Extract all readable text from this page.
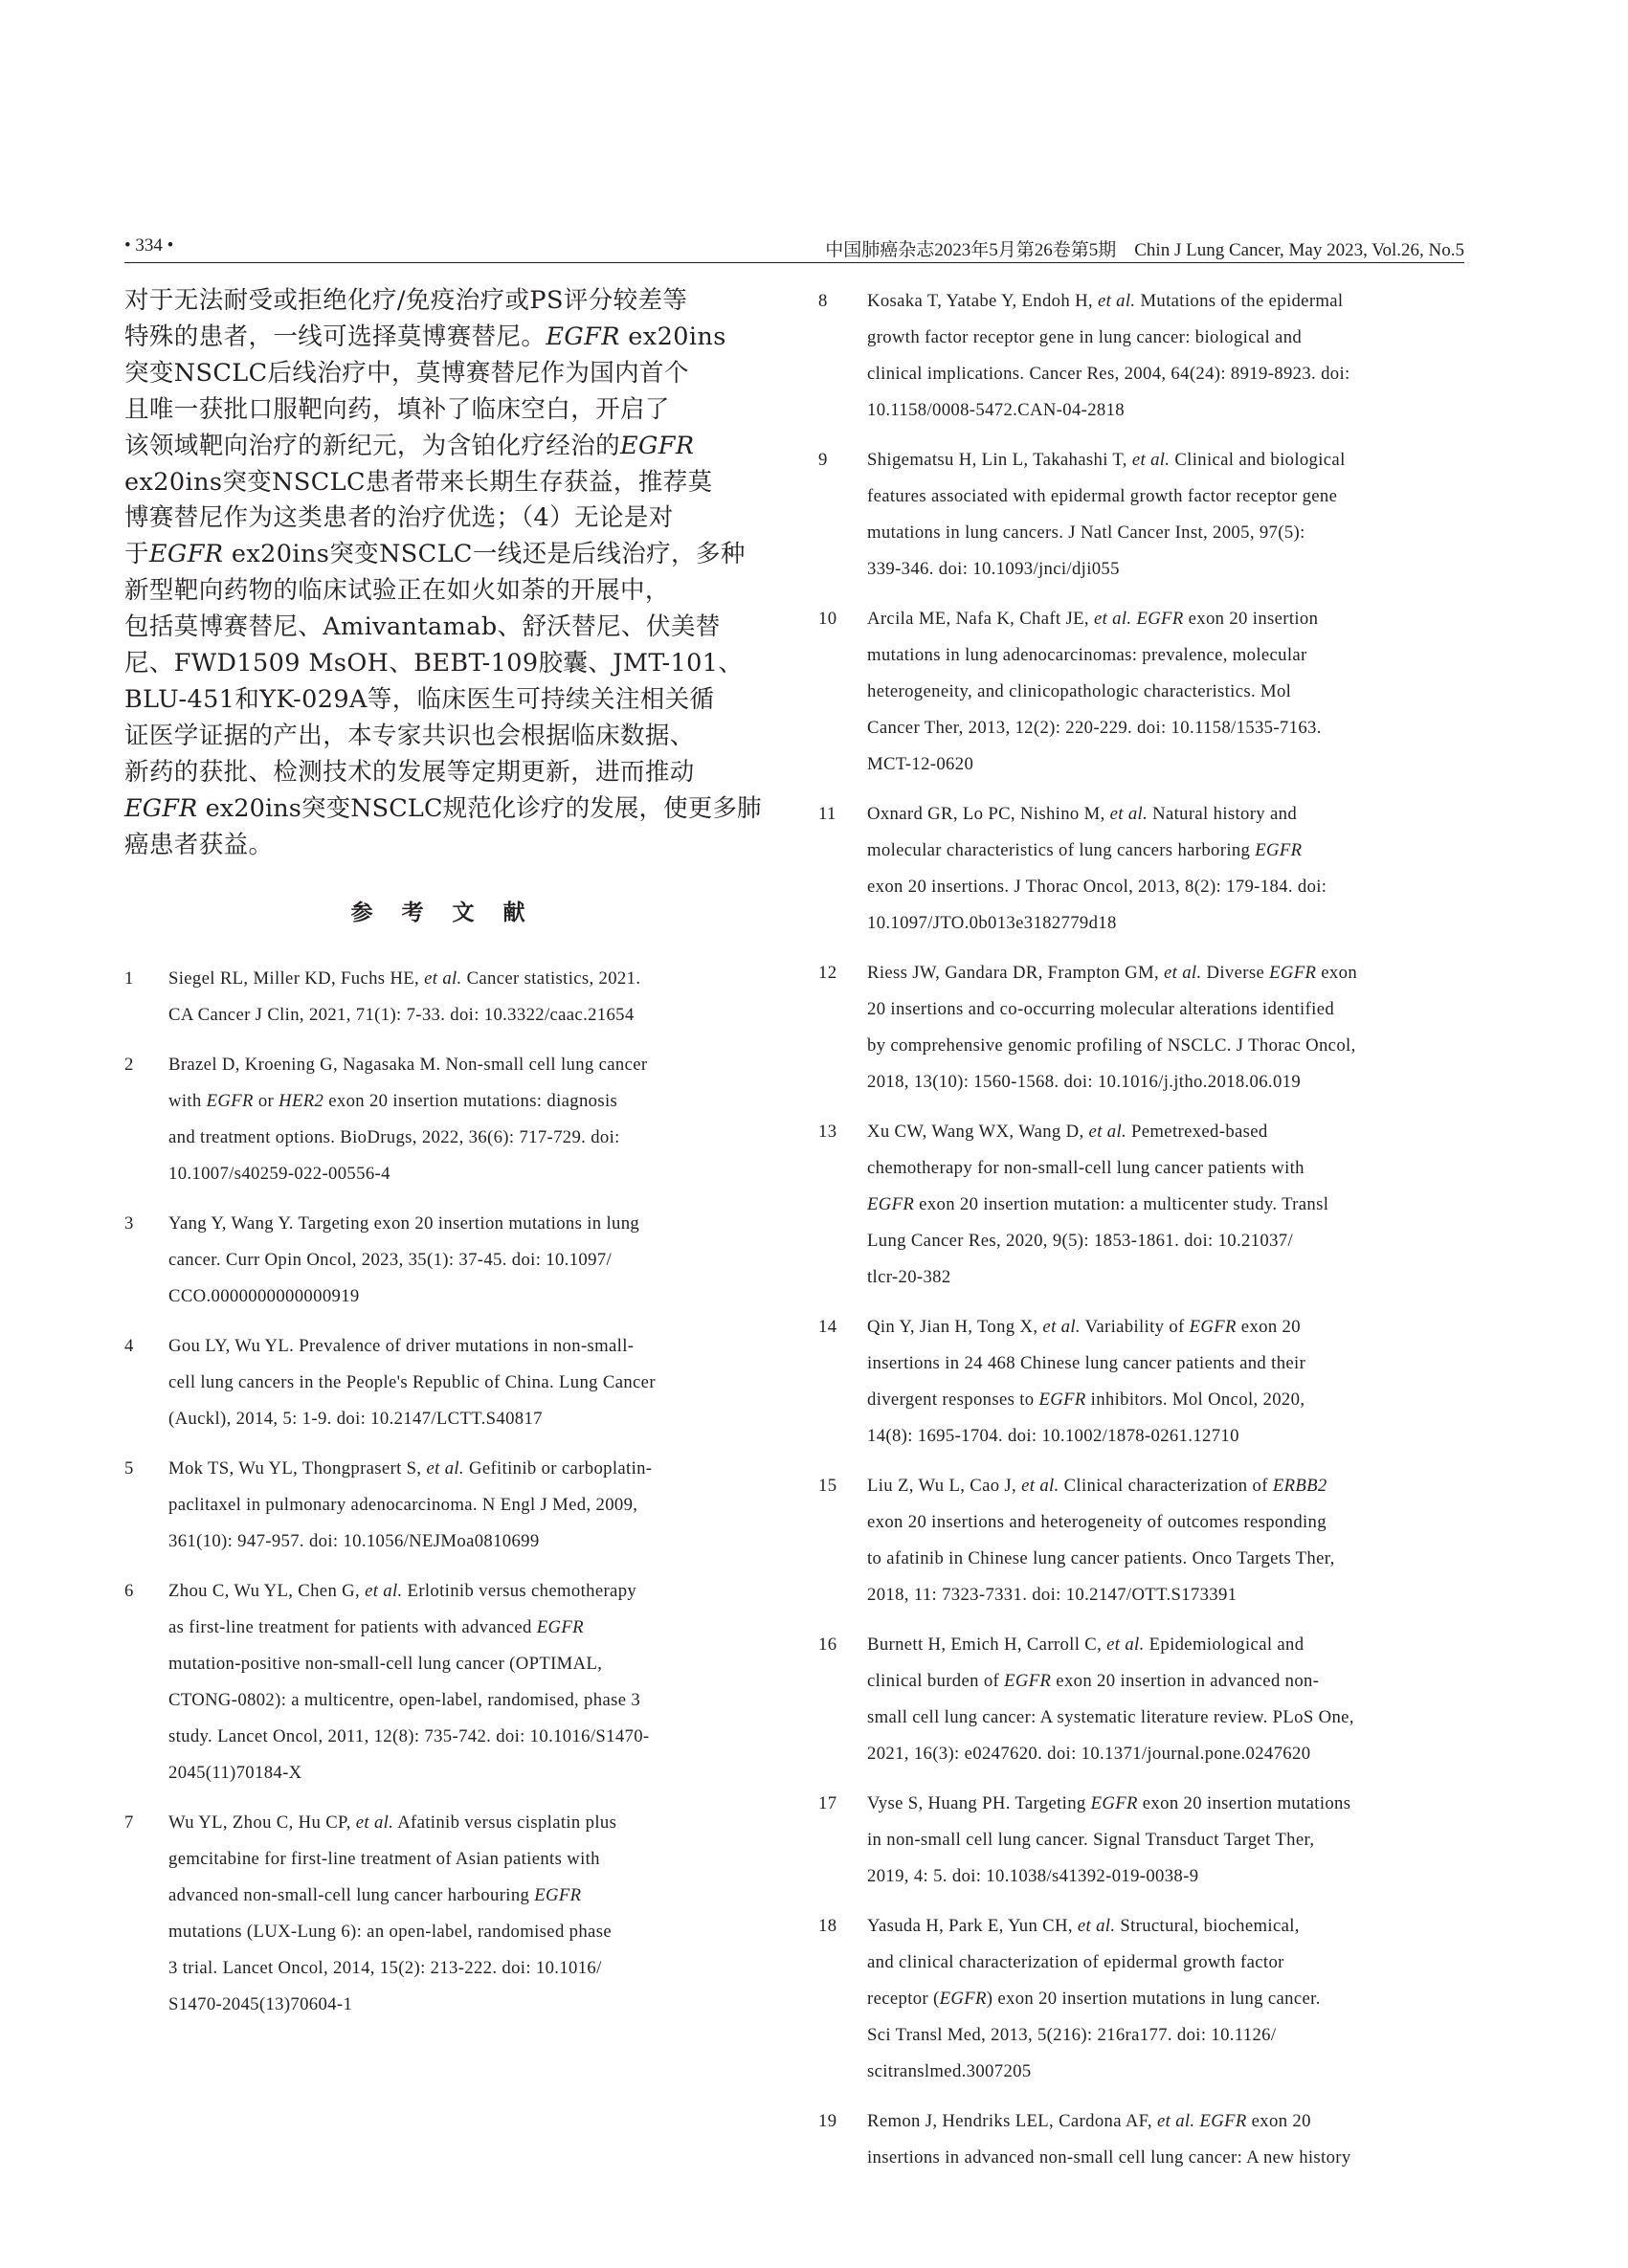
• 334 •	中国肺癌杂志2023年5月第26卷第5期　Chin J Lung Cancer, May 2023, Vol.26, No.5

对于无法耐受或拒绝化疗/免疫治疗或PS评分较差等
特殊的患者，一线可选择莫博赛替尼。EGFR ex20ins
突变NSCLC后线治疗中，莫博赛替尼作为国内首个
且唯一获批口服靶向药，填补了临床空白，开启了
该领域靶向治疗的新纪元，为含铂化疗经治的EGFR
ex20ins突变NSCLC患者带来长期生存获益，推荐莫
博赛替尼作为这类患者的治疗优选；（4）无论是对
于EGFR ex20ins突变NSCLC一线还是后线治疗，多种
新型靶向药物的临床试验正在如火如荼的开展中，
包括莫博赛替尼、Amivantamab、舒沃替尼、伏美替
尼、FWD1509 MsOH、BEBT-109胶囊、JMT-101、
BLU-451和YK-029A等，临床医生可持续关注相关循
证医学证据的产出，本专家共识也会根据临床数据、
新药的获批、检测技术的发展等定期更新，进而推动
EGFR ex20ins突变NSCLC规范化诊疗的发展，使更多肺
癌患者获益。

参 考 文 献
1 Siegel RL, Miller KD, Fuchs HE, et al. Cancer statistics, 2021.
CA Cancer J Clin, 2021, 71(1): 7-33. doi: 10.3322/caac.21654
2 Brazel D, Kroening G, Nagasaka M. Non-small cell lung cancer
with EGFR or HER2 exon 20 insertion mutations: diagnosis
and treatment options. BioDrugs, 2022, 36(6): 717-729. doi:
10.1007/s40259-022-00556-4
3 Yang Y, Wang Y. Targeting exon 20 insertion mutations in lung
cancer. Curr Opin Oncol, 2023, 35(1): 37-45. doi: 10.1097/
CCO.0000000000000919
4 Gou LY, Wu YL. Prevalence of driver mutations in non-small-
cell lung cancers in the People's Republic of China. Lung Cancer
(Auckl), 2014, 5: 1-9. doi: 10.2147/LCTT.S40817
5 Mok TS, Wu YL, Thongprasert S, et al. Gefitinib or carboplatin-
paclitaxel in pulmonary adenocarcinoma. N Engl J Med, 2009,
361(10): 947-957. doi: 10.1056/NEJMoa0810699
6 Zhou C, Wu YL, Chen G, et al. Erlotinib versus chemotherapy
as first-line treatment for patients with advanced EGFR
mutation-positive non-small-cell lung cancer (OPTIMAL,
CTONG-0802): a multicentre, open-label, randomised, phase 3
study. Lancet Oncol, 2011, 12(8): 735-742. doi: 10.1016/S1470-
2045(11)70184-X
7 Wu YL, Zhou C, Hu CP, et al. Afatinib versus cisplatin plus
gemcitabine for first-line treatment of Asian patients with
advanced non-small-cell lung cancer harbouring EGFR
mutations (LUX-Lung 6): an open-label, randomised phase
3 trial. Lancet Oncol, 2014, 15(2): 213-222. doi: 10.1016/
S1470-2045(13)70604-1
8 Kosaka T, Yatabe Y, Endoh H, et al. Mutations of the epidermal
growth factor receptor gene in lung cancer: biological and
clinical implications. Cancer Res, 2004, 64(24): 8919-8923. doi:
10.1158/0008-5472.CAN-04-2818
9 Shigematsu H, Lin L, Takahashi T, et al. Clinical and biological
features associated with epidermal growth factor receptor gene
mutations in lung cancers. J Natl Cancer Inst, 2005, 97(5):
339-346. doi: 10.1093/jnci/dji055
10 Arcila ME, Nafa K, Chaft JE, et al. EGFR exon 20 insertion
mutations in lung adenocarcinomas: prevalence, molecular
heterogeneity, and clinicopathologic characteristics. Mol
Cancer Ther, 2013, 12(2): 220-229. doi: 10.1158/1535-7163.
MCT-12-0620
11 Oxnard GR, Lo PC, Nishino M, et al. Natural history and
molecular characteristics of lung cancers harboring EGFR
exon 20 insertions. J Thorac Oncol, 2013, 8(2): 179-184. doi:
10.1097/JTO.0b013e3182779d18
12 Riess JW, Gandara DR, Frampton GM, et al. Diverse EGFR exon
20 insertions and co-occurring molecular alterations identified
by comprehensive genomic profiling of NSCLC. J Thorac Oncol,
2018, 13(10): 1560-1568. doi: 10.1016/j.jtho.2018.06.019
13 Xu CW, Wang WX, Wang D, et al. Pemetrexed-based
chemotherapy for non-small-cell lung cancer patients with
EGFR exon 20 insertion mutation: a multicenter study. Transl
Lung Cancer Res, 2020, 9(5): 1853-1861. doi: 10.21037/
tlcr-20-382
14 Qin Y, Jian H, Tong X, et al. Variability of EGFR exon 20
insertions in 24 468 Chinese lung cancer patients and their
divergent responses to EGFR inhibitors. Mol Oncol, 2020,
14(8): 1695-1704. doi: 10.1002/1878-0261.12710
15 Liu Z, Wu L, Cao J, et al. Clinical characterization of ERBB2
exon 20 insertions and heterogeneity of outcomes responding
to afatinib in Chinese lung cancer patients. Onco Targets Ther,
2018, 11: 7323-7331. doi: 10.2147/OTT.S173391
16 Burnett H, Emich H, Carroll C, et al. Epidemiological and
clinical burden of EGFR exon 20 insertion in advanced non-
small cell lung cancer: A systematic literature review. PLoS One,
2021, 16(3): e0247620. doi: 10.1371/journal.pone.0247620
17 Vyse S, Huang PH. Targeting EGFR exon 20 insertion mutations
in non-small cell lung cancer. Signal Transduct Target Ther,
2019, 4: 5. doi: 10.1038/s41392-019-0038-9
18 Yasuda H, Park E, Yun CH, et al. Structural, biochemical,
and clinical characterization of epidermal growth factor
receptor (EGFR) exon 20 insertion mutations in lung cancer.
Sci Transl Med, 2013, 5(216): 216ra177. doi: 10.1126/
scitranslmed.3007205
19 Remon J, Hendriks LEL, Cardona AF, et al. EGFR exon 20
insertions in advanced non-small cell lung cancer: A new history
